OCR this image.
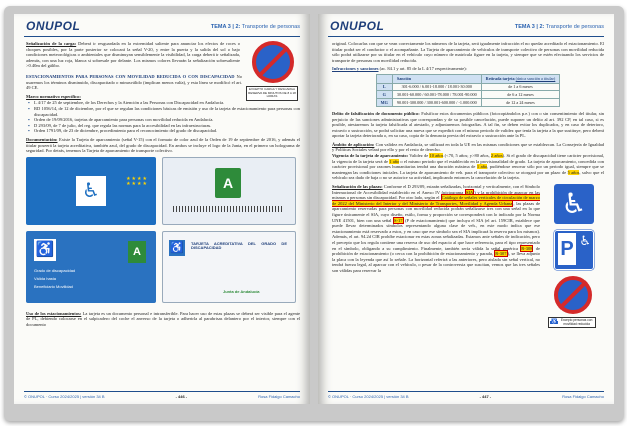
ONUPOL	TEMA 3 | 2: Transporte de personas

Señalización de la carga: Deberá ir resguardada en la extremidad saliente para anunciar los efectos de roces o choques posibles, por la parte posterior se colocará la señal V-20, y entre la puerta y la salida del sol o bajo condiciones meteorológicas o ambientales que disminuyan sensiblemente la visibilidad, la carga deberá ir señalizada, además, con una luz roja, blanca si sobresale por delante. Los mismos colores llevarán la señalización sobresaliente >0.40m del gálibo.

EXCEPTO CARGA Y DESCARGA RESERVA DE MINUTOS DE 8 A 18 HORAS

ESTACIONAMIENTOS PARA PERSONAS CON MOVILIDAD REDUCIDA O CON DISCAPACIDAD No usaremos los términos disminuido, discapacitado o minusválido (implican menos valía), y esta línea se modificó el art. 49 CE.

Marco normativo específico:

▪ L 4/17 de 25 de septiembre, de los Derechos y la Atención a las Personas con Discapacidad en Andalucía.
▪ RD 1056/14, de 12 de diciembre, por el que se regulan las condiciones básicas de emisión y uso de la tarjeta de estacionamiento para personas con discapacidad.
▪ Orden de 19/09/2016, tarjetas de aparcamiento para personas con movilidad reducida en Andalucía.
▪ D 293/09, de 7 de julio, del reg. que regula las normas para la accesibilidad en las infraestructuras.
▪ Orden 1791/09, de 23 de diciembre, procedimiento para el reconocimiento del grado de discapacidad.

Documentación: Existe la Tarjeta de aparcamiento (señal V-15) con el formato de color azul de la Orden de 19 de septiembre de 2016, y además el titular poseerá la tarjeta acreditativa, también azul, del grado de discapacidad. En ambos se incluye el logo de la Junta, en el primero un holograma de seguridad. Por detrás, tenemos la Tarjeta de aparcamiento de transporte colectivo.

♿	★★★★
★★★★	A
♿
Grado de discapacidad
Válida hasta
Beneficiario Movilidad
A
TARJETA ACREDITATIVA DEL GRADO DE DISCAPACIDAD
♿
Junta de Andalucía

Uso de los estacionamientos: La tarjeta es un documento personal e intransferible. Para hacer uso de estas plazas se deberá ser visible para el agente de PL, debiendo colocarse en el salpicadero del coche el anverso de la tarjeta o adherirla al parabrisas delantero por el interior, siempre con el documento

© ONUPOL · Curso 2024/2025 | versión 34 B	- 446 -	Rosa Fidalgo Camacho
ONUPOL	TEMA 3 | 2: Transporte de personas

original. Colocarlas con que se vean correctamente los números de la tarjeta, será igualmente infracción el no quedar acreditado el estacionamiento. El titular podrá ser el conductor o el acompañante. La Tarjeta de aparcamiento de vehículos de transporte colectivo de personas con movilidad reducida sólo podrá utilizarse por su titular en el vehículo cuyo número de matrícula figure en la tarjeta, y siempre que se estén efectuando los servicios de transporte de personas con movilidad reducida.

Infracciones y sanciones (ac. 84.1 y art. 85 de la L 4/17 respectivamente):

	Sanción	Retirada tarjeta (única sanción a titular)
L	301-6.000 / 6.001-18.000 / 18.001-30.000	de 1 a 6 meses
G	30.001-60.000 / 60.001-78.000 / 78.001-90.000	de 6 a 12 meses
MG	90.001-300.000 / 300.001-600.000 / -1.000.000	de 12 a 24 meses

Delito de falsificación de documento público: Falsificar estos documentos públicos (fotocopiándolos p.e.) con o sin consentimiento del titular, sin perjuicio de las sanciones administrativas que correspondan y de su posible cancelación, puede suponer un delito al art. 392 CP, en tal caso, si es posible, atestaremos la tarjeta falsificada al atestado, y adjuntaremos fotografías. A tal fin, se deben evitar los duplicados, y en caso de deterioro, extravío o sustracción, se podrá solicitar una nueva que se expedirá con el mismo periodo de validez que tenía la tarjeta a la que sustituye, pero deberá aportar la tarjeta deteriorada o, en su caso, copia de la denuncia previa del extravío o sustracción ante la PL.

Ámbito de aplicación: Con validez en Andalucía, se utilizará en toda la UE en las mismas condiciones que se establezcan. La Consejería de Igualdad y Políticas Sociales velará por ello y por el resto de derecho.

Vigencia de la tarjeta de aparcamiento: Validez de 10 años (<70, 5 años; y>80 años, 2 años). Si el grado de discapacidad tiene carácter provisional, la vigencia de la tarjeta será de 1 año o el mismo periodo que el establecido en la provisionalidad de grado. La tarjeta de aparcamiento, concedida con carácter provisional por razones humanitarias tendrá una duración máxima de 1 año, pudiéndose renovar sólo por un periodo igual, siempre que se mantengan las condiciones iniciales. La tarjeta de aparcamiento de veh. para el transporte colectivo se otorgará por un plazo de 5 años, salvo que el vehículo sea dado de baja o no se autorice su actividad, implicando entonces la cancelación de la tarjeta.

Señalización de las plazas: Conforme el D 293/09, estarán señalizadas, horizontal y verticalmente, con el Símbolo Internacional de Accesibilidad establecido en el Anexo IV (pictograma SIA) y la prohibición de aparcar en las mismas a personas sin discapacidad. Por otro lado, según el Catálogo de señales verticales de circulación de marzo de 2022 del Ministerio del Interior y del Ministerio de Transportes, Movilidad y Agenda Urbana, las plazas de aparcamiento reservadas para personas con movilidad reducida podrán señalizarse tres con una señal en la que figure únicamente el SIA, cuyo diseño, estilo, forma y proporción se corresponderá con lo indicado por la Norma UNE 41501, bien con una señal S-17 (P de estacionamiento) que incluya el SIA (el art. 159CIR, establece que puede llevar determinados símbolos representando alguna clase de veh., en este modo indica que ese estacionamiento está reservado a estos, y en caso que ese símbolo sea el SIA implicará la reserva para los mismos). Además, el art. 94.2d CIR prohíbe estacionar en estas zonas señalizadas. Estamos ante señales de indicación, pero el precepto que los regula contiene una reserva de uso del espacio al que hace referencia, para el tipo representado en el símbolo, obligando a su cumplimiento. Finalmente, también sería válida la señal genérica R-308 de prohibición de estacionamiento (o cerca con la prohibición de estacionamiento y parada, R-307), se lleva adjunto la placa con la leyenda que así lo señale. La horizontal referirá a las anteriores, pero aislada sin señal vertical, no tendrá fuerza legal, al aparcar con el vehículo, o pesar de la controversia que suscitan, vemos que las tres señales son válidas para reservar la

♿
P ♿
♿	Excepto personas con movilidad reducida
© ONUPOL · Curso 2024/2025 | versión 34 B	- 447 -	Rosa Fidalgo Camacho
